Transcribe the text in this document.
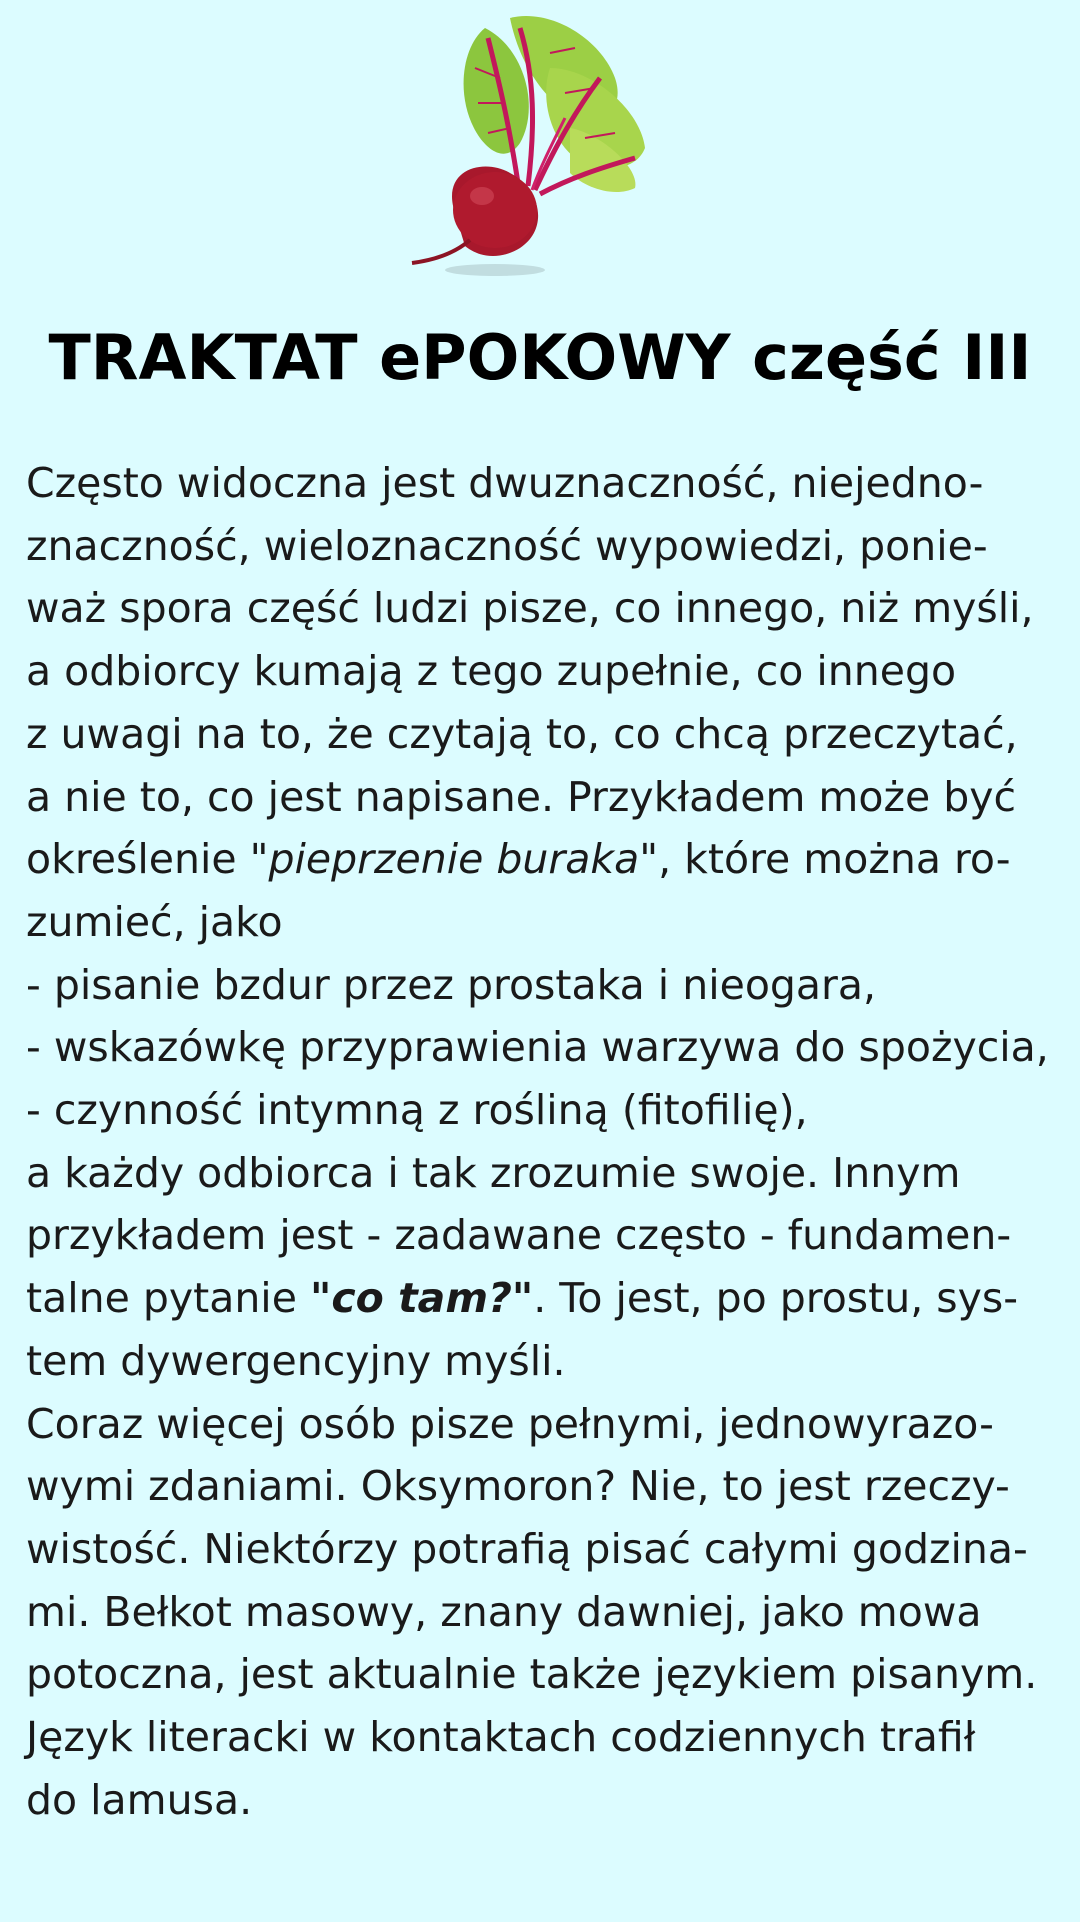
TRAKTAT ePOKOWY część III
Często widoczna jest dwuznaczność, niejedno-
znaczność, wieloznaczność wypowiedzi, ponie-
waż spora część ludzi pisze, co innego, niż myśli,
a odbiorcy kumają z tego zupełnie, co innego
z uwagi na to, że czytają to, co chcą przeczytać,
a nie to, co jest napisane. Przykładem może być
określenie "pieprzenie buraka", które można ro-
zumieć, jako
- pisanie bzdur przez prostaka i nieogara,
- wskazówkę przyprawienia warzywa do spożycia,
- czynność intymną z rośliną (fitofilię),
a każdy odbiorca i tak zrozumie swoje. Innym
przykładem jest - zadawane często - fundamen-
talne pytanie "co tam?". To jest, po prostu, sys-
tem dywergencyjny myśli.
Coraz więcej osób pisze pełnymi, jednowyrazo-
wymi zdaniami. Oksymoron? Nie, to jest rzeczy-
wistość. Niektórzy potrafią pisać całymi godzina-
mi. Bełkot masowy, znany dawniej, jako mowa
potoczna, jest aktualnie także językiem pisanym.
Język literacki w kontaktach codziennych trafił
do lamusa.
